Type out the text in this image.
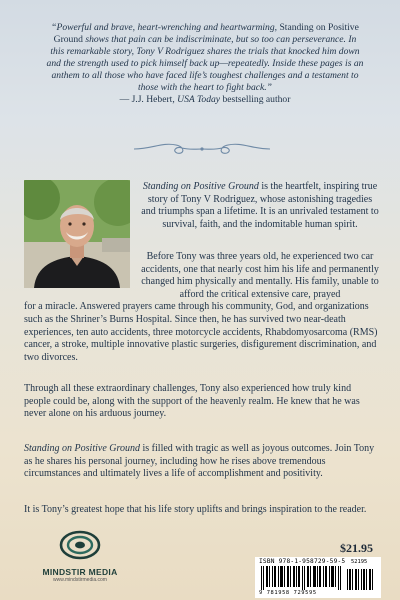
“Powerful and brave, heart-wrenching and heartwarming, Standing on Positive Ground shows that pain can be indiscriminate, but so too can perseverance. In this remarkable story, Tony V Rodriguez shares the trials that knocked him down and the strength used to pick himself back up—repeatedly. Inside these pages is an anthem to all those who have faced life’s toughest challenges and a testament to those with the heart to fight back.”
— J.J. Hebert, USA Today bestselling author
Standing on Positive Ground is the heartfelt, inspiring true story of Tony V Rodriguez, whose astonishing tragedies and triumphs span a lifetime. It is an unrivaled testament to survival, faith, and the indomitable human spirit.
Before Tony was three years old, he experienced two car accidents, one that nearly cost him his life and permanently changed him physically and mentally. His family, unable to afford the critical extensive care, prayed
for a miracle. Answered prayers came through his community, God, and organizations such as the Shriner’s Burns Hospital. Since then, he has survived two near-death experiences, ten auto accidents, three motorcycle accidents, Rhabdomyosarcoma (RMS) cancer, a stroke, multiple innovative plastic surgeries, disfigurement discrimination, and two divorces.
Through all these extraordinary challenges, Tony also experienced how truly kind people could be, along with the support of the heavenly realm. He knew that he was never alone on his arduous journey.
Standing on Positive Ground is filled with tragic as well as joyous outcomes. Join Tony as he shares his personal journey, including how he rises above tremendous circumstances and ultimately lives a life of accomplishment and positivity.
It is Tony’s greatest hope that his life story uplifts and brings inspiration to the reader.
MINDSTIR MEDIA
www.mindstirmedia.com
$21.95
ISBN 978-1-958729-59-5
9 781958 729595
52195
